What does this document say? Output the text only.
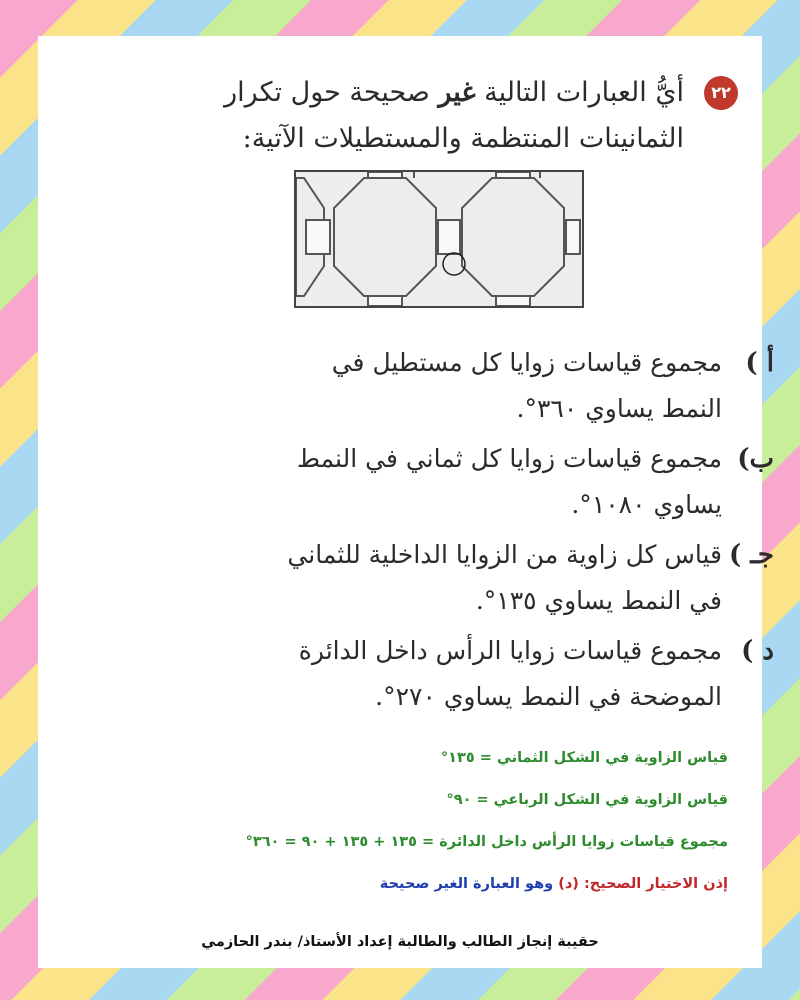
٢٢
أيُّ العبارات التالية غير صحيحة حول تكرار
الثمانينات المنتظمة والمستطيلات الآتية:
أ )
مجموع قياسات زوايا كل مستطيل في
النمط يساوي ٣٦٠°.
ب)
مجموع قياسات زوايا كل ثماني في النمط
يساوي ١٠٨٠°.
جـ )
قياس كل زاوية من الزوايا الداخلية للثماني
في النمط يساوي ١٣٥°.
د )
مجموع قياسات زوايا الرأس داخل الدائرة
الموضحة في النمط يساوي ٢٧٠°.
قياس الزاوية في الشكل الثماني = ١٣٥°
قياس الزاوية في الشكل الرباعي = ٩٠°
مجموع قياسات زوايا الرأس داخل الدائرة = ١٣٥ + ١٣٥ + ٩٠ = ٣٦٠°
إذن الاختيار الصحيح: (د) وهو العبارة الغير صحيحة
حقيبة إنجاز الطالب والطالبة إعداد الأستاذ/ بندر الحازمي
